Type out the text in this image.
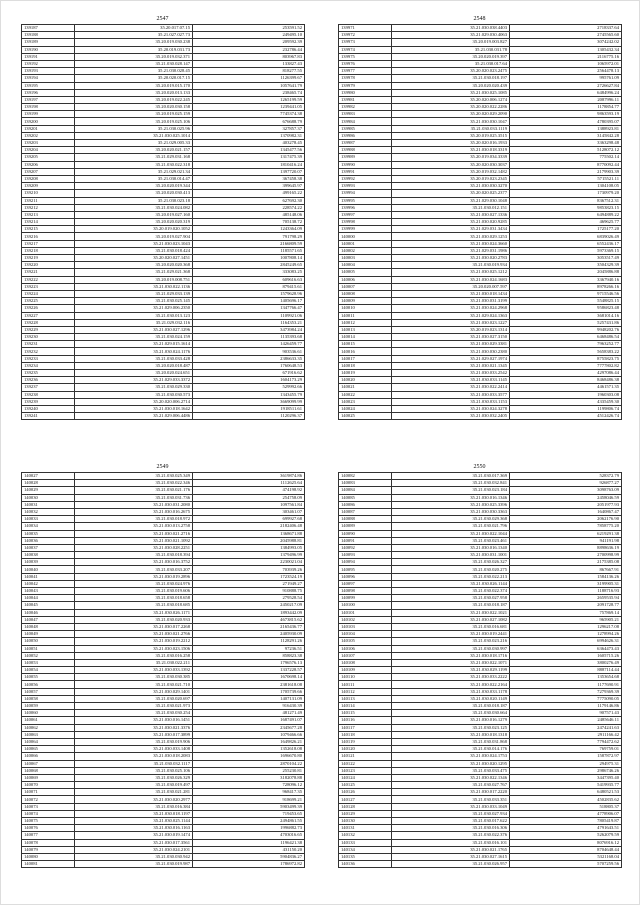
2547
139187	35.20.017.07.15	253591.52
139188	35.21.027.027.73	249495.10
139189	35.20.019.030.238	209592.39
139190	35.20.019.031.73	232786.44
139191	35.20.019.032.371	803967.83
139192	35.21.030.028.147	133827.43
139193	35.21.030.028.45	818277.55
139194	35.20.020.017.15	1126399.67
139195	35.20.019.015.170	1057641.79
139196	35.20.020.013.133	238465.74
139197	35.20.019.022.245	1265199.59
139198	35.20.020.030.158	1239441.05
139199	35.20.019.025.159	7745374.38
139200	35.20.019.025.106	676688.79
139201	35.21.030.025.96	327857.37
139202	35.21.030.025.1014	1370982.31
139203	35.21.029.005.33	403278.45
139204	35.20.020.021.157	1345477.56
139205	35.21.029.031.168	1317475.39
139206	35.21.030.022.318	1810416.24
139207	35.21.029.021.34	1397720.07
139208	35.21.030.014.47	367458.38
139209	35.20.020.019.344	399645.97
139210	35.20.020.030.413	499165.22
139211	35.21.030.023.18	627692.30
139212	35.21.030.024.082	228574.22
139213	35.20.019.027.160	485148.06
139214	35.20.020.020.319	705138.72
139215	35.20.019.020.1052	1243364.09
139216	35.20.019.027.904	791798.29
139217	35.21.030.023.1043	2166809.59
139218	35.21.030.018.424	1185571.65
139219	35.20.020.027.1451	1007808.14
139220	35.20.020.020.368	2845249.65
139221	35.21.029.021.368	333083.25
139222	35.20.019.008.751	609616.63
139223	35.21.030.022.1136	879415.61
139224	35.21.029.033.139	1579628.96
139225	35.21.030.025.145	1405696.17
139226	35.21.029.006.2350	1347766.47
139227	35.21.030.013.123	1109921.06
139228	35.21.029.032.116	1164353.21
139229	35.21.030.027.1296	3473984.24
139230	35.21.030.024.159	1135393.68
139231	35.21.029.015.1614	1426459.77
139232	35.21.030.024.1176	903536.61
139233	35.21.030.033.428	2386633.35
139234	35.20.020.018.487	1760648.53
139235	35.20.020.024.651	671916.62
139236	35.21.029.033.3372	1604173.29
139237	35.21.030.029.330	529992.66
139238	35.21.030.030.573	1343455.79
139239	35.20.020.006.2714	3669099.99
139240	35.21.030.018.1642	1918511.61
139241	35.21.029.006.4486	1120296.37
2548
139971	35.21.030.038.4403	2718337.64
139972	35.21.029.030.4063	2745565.60
139973	35.20.019.003.827	3074242.02
139974	35.21.030.031.78	1305432.34
139975	35.20.020.019.397	2116775.16
139976	35.21.030.017.64	1065972.01
139977	35.20.020.023.2475	2564478.13
139978	35.21.030.018.197	995761.09
139979	35.20.020.020.439	2726627.84
139980	35.21.030.025.1085	6484996.24
139981	35.20.020.006.1274	2087996.11
139982	35.20.020.022.2286	1178854.77
139983	35.20.020.029.2090	9863593.19
139984	35.21.030.030.1047	4780395.07
139985	35.21.030.033.1119	1388923.81
139986	35.20.019.025.3515	3145842.28
139987	35.20.020.016.1933	3363298.48
139988	35.21.030.018.3319	5128072.12
139989	35.20.019.034.3339	775502.14
139990	35.20.020.030.3037	8770092.44
139991	35.20.019.032.1482	2179903.39
139992	35.20.019.023.2345	5715521.11
139993	35.21.030.030.3270	1304108.05
139994	35.20.020.025.2377	1730979.20
139995	35.21.029.030.1048	8367512.31
139996	35.21.030.012.151	9853823.15
139997	35.21.030.027.1336	6494889.22
139998	35.21.030.020.9285	469625.77
139999	35.21.029.031.3434	1725177.20
140000	35.21.030.029.1253	6839026.49
140001	35.21.030.024.3660	6552436.17
140002	35.21.029.031.1986	5973369.15
140003	35.21.030.020.2783	3053517.49
140004	35.21.030.019.934	3504329.39
140005	35.21.030.025.1212	2045886.88
140006	35.21.030.024.1683	3367940.16
140007	35.20.020.007.597	8978266.16
140008	35.21.030.018.1434	9715546.56
140009	35.21.030.031.3199	5548825.15
140010	35.21.030.024.2968	9586823.48
140011	35.21.029.024.1363	3681014.16
140012	35.21.030.023.1227	5257431.86
140013	35.20.019.023.1314	9948202.76
140014	35.21.030.027.3150	6468486.54
140015	35.21.030.029.3381	7963252.77
140016	35.21.030.030.2380	5658383.22
140017	35.21.029.027.1974	8755823.75
140018	35.21.030.021.1345	7777802.82
140019	35.21.030.033.2542	4297086.44
140020	35.21.030.033.1145	8468486.38
140021	35.21.030.022.2414	4461571.35
140022	35.21.030.033.3577	1960303.08
140023	35.21.030.033.1153	4335459.30
140024	35.21.030.024.3278	1199806.74
140025	35.21.030.032.2405	4512426.74
2549
140027	35.21.030.025.349	3619874.86
140028	35.21.030.022.346	1112625.64
140029	35.21.030.021.176	474198.92
140030	35.21.030.031.736	254758.09
140031	35.21.030.031.2080	1097561.84
140032	35.21.030.016.2675	303461.07
140033	35.21.030.018.972	699927.68
140034	35.21.030.013.2758	2182406.48
140035	35.21.030.021.2716	1368671.88
140036	35.21.030.021.1092	2045988.81
140037	35.21.030.028.2251	1384993.05
140038	35.21.030.018.394	1379496.99
140039	35.21.030.016.3752	2230021.04
140040	35.21.030.033.207	703939.26
140041	35.21.030.019.2896	1723524.19
140042	35.21.030.024.976	271949.27
140043	35.21.030.019.606	910888.75
140044	35.21.030.018.658	279528.54
140045	35.21.030.018.685	2450217.09
140046	35.21.030.026.1171	1893442.09
140047	35.21.030.020.933	4673815.62
140048	35.21.030.017.2268	2165436.77
140049	35.21.030.021.2766	2405930.09
140050	35.21.030.019.2212	1128291.26
140051	35.21.030.023.1506	97236.51
140052	35.21.030.016.258	858823.38
140053	35.21.030.022.211	1796576.13
140054	35.21.030.033.1392	1337228.57
140055	35.21.030.030.385	1670698.14
140056	35.21.030.021.710	2381618.08
140057	35.21.030.029.1401	1705739.66
140058	35.21.030.020.697	1407131.09
140059	35.21.030.021.973	916430.39
140060	35.21.030.030.254	481271.49
140061	35.21.030.016.1451	1687491.07
140062	35.21.030.021.3376	2345677.28
140063	35.21.030.017.3899	1079466.66
140064	35.21.030.019.906	1649826.21
140065	35.21.030.033.1408	1352618.08
140066	35.21.030.018.2083	1696670.80
140067	35.21.030.032.1117	2870104.22
140068	35.21.030.025.106	255230.81
140069	35.21.030.026.329	3182078.88
140070	35.21.030.019.497	728096.12
140071	35.21.030.021.281	968417.35
140072	35.21.030.020.2977	918699.21
140073	35.21.030.016.384	5903499.39
140074	35.21.030.018.1197	719453.65
140075	35.21.030.025.1144	2494861.55
140076	35.21.030.016.1163	1996882.73
140077	35.21.030.019.1474	4703016.65
140078	35.21.030.017.3561	1196421.38
140079	35.21.030.024.2101	431150.20
140080	35.21.030.030.942	5904836.27
140081	35.21.030.019.987	1786972.82
2550
140082	35.21.030.017.369	528372.79
140083	35.21.030.032.841	926877.27
140084	35.21.030.023.184	3098763.09
140085	35.21.030.016.1346	2458046.59
140086	35.21.030.025.3396	2051977.93
140087	35.21.030.030.3363	1640867.47
140088	35.21.030.029.368	2062176.90
140089	35.21.030.021.796	7858775.20
140090	35.21.030.022.1044	6219291.38
140091	35.21.030.023.461	941191.98
140092	35.21.030.016.1340	8898636.19
140093	35.21.030.031.1001	2700998.99
140094	35.21.030.026.327	2175385.08
140095	35.21.030.020.275	867667.91
140096	35.21.030.022.213	1584136.26
140097	35.21.030.026.1144	3199905.31
140098	35.21.030.022.374	1188716.93
140099	35.21.030.027.958	2659535.94
140100	35.21.030.018.187	2091728.77
140101	35.21.030.022.1021	757869.14
140102	35.21.030.027.1082	965905.21
140103	35.21.030.016.681	1296217.08
140104	35.21.030.019.2441	1278994.26
140105	35.21.030.023.216	6994626.31
140106	35.21.030.030.997	6364473.43
140107	35.21.030.018.1716	1605715.26
140108	35.21.030.022.1071	3800276.49
140109	35.21.030.029.1199	8887114.44
140110	35.21.030.033.2222	1353654.68
140111	35.21.030.022.2164	1177690.91
140112	35.21.030.033.1178	7279369.39
140113	35.21.030.020.1149	7775090.05
140114	35.21.030.018.187	1179146.86
140115	35.21.030.030.664	907571.43
140116	35.21.030.016.1279	2485646.11
140117	35.21.030.023.125	2474241.63
140118	35.21.030.018.1318	2911166.42
140119	35.21.030.031.868	7794472.62
140120	35.21.030.014.176	769759.01
140121	35.21.030.024.1753	1587872.97
140122	35.21.030.020.1295	294975.31
140123	35.21.030.033.475	2986746.26
140124	35.21.030.022.1346	3447395.40
140125	35.21.030.027.767	5419935.77
140126	35.21.030.017.2220	6480521.53
140127	35.21.030.033.351	4502835.62
140128	35.21.030.033.1049	518805.37
140129	35.21.030.027.934	4778906.07
140130	35.21.030.017.622	7805419.87
140131	35.21.030.016.306	4791643.51
140132	35.21.030.022.376	5262079.59
140133	35.21.030.016.101	8076916.12
140134	35.21.030.021.1765	8704648.44
140135	35.21.030.027.1615	5321168.04
140136	35.21.030.026.957	5707259.56
